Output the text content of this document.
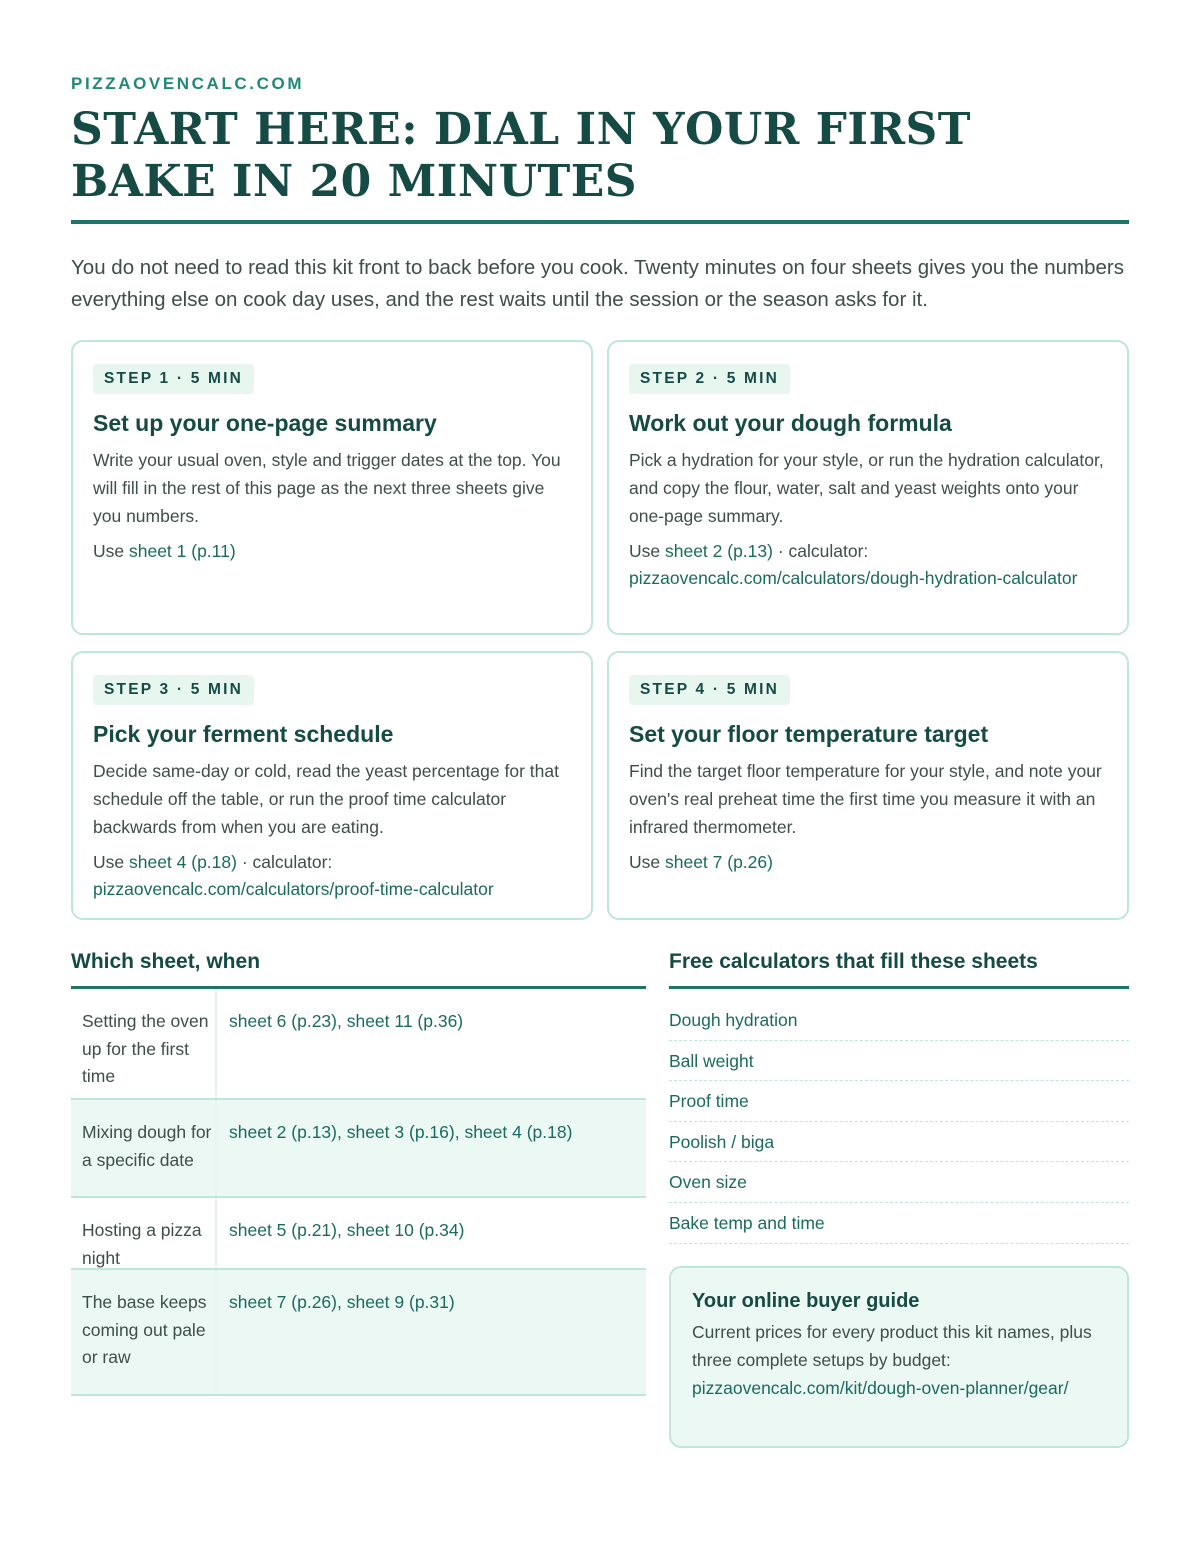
PIZZAOVENCALC.COM
START HERE: DIAL IN YOUR FIRST BAKE IN 20 MINUTES

You do not need to read this kit front to back before you cook. Twenty minutes on four sheets gives you the numbers everything else on cook day uses, and the rest waits until the session or the season asks for it.

STEP 1 · 5 MIN
Set up your one-page summary

Write your usual oven, style and trigger dates at the top. You will fill in the rest of this page as the next three sheets give you numbers.

Use sheet 1 (p.11)

STEP 2 · 5 MIN
Work out your dough formula

Pick a hydration for your style, or run the hydration calculator, and copy the flour, water, salt and yeast weights onto your one-page summary.

Use sheet 2 (p.13) · calculator: pizzaovencalc.com/calculators/dough-hydration-calculator

STEP 3 · 5 MIN
Pick your ferment schedule

Decide same-day or cold, read the yeast percentage for that schedule off the table, or run the proof time calculator backwards from when you are eating.

Use sheet 4 (p.18) · calculator: pizzaovencalc.com/calculators/proof-time-calculator

STEP 4 · 5 MIN
Set your floor temperature target

Find the target floor temperature for your style, and note your oven's real preheat time the first time you measure it with an infrared thermometer.

Use sheet 7 (p.26)

Which sheet, when
Setting the oven up for the first time
sheet 6 (p.23), sheet 11 (p.36)
Mixing dough for a specific date
sheet 2 (p.13), sheet 3 (p.16), sheet 4 (p.18)
Hosting a pizza night
sheet 5 (p.21), sheet 10 (p.34)
The base keeps coming out pale or raw
sheet 7 (p.26), sheet 9 (p.31)
Free calculators that fill these sheets
Dough hydration
Ball weight
Proof time
Poolish / biga
Oven size
Bake temp and time
Your online buyer guide

Current prices for every product this kit names, plus three complete setups by budget: pizzaovencalc.com/kit/dough-oven-planner/gear/
